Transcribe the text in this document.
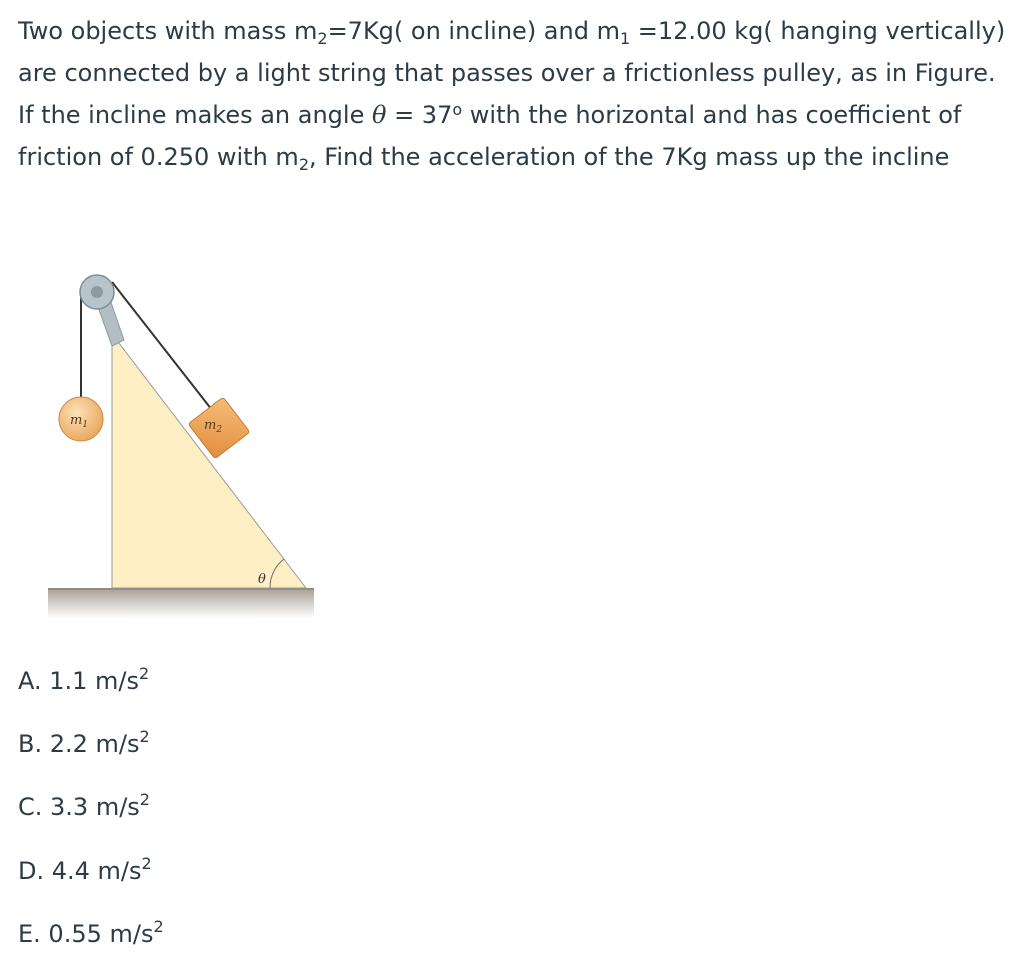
Two objects with mass $m_2=7Kg$( on incline) and $m_1 =12.00$ kg( hanging vertically) are connected by a light string that passes over a frictionless pulley, as in Figure. If the incline makes an angle $\theta = 37^o$ with the horizontal and has coefficient of friction of 0.250 with $m_2$, Find the acceleration of the 7Kg mass up the incline

$m_1$	$m_2$
θ
A. 1.1 $m/s^2$
B. 2.2 $m/s^2$
C. 3.3 $m/s^2$
D. 4.4 $m/s^2$
E. 0.55 $m/s^2$
